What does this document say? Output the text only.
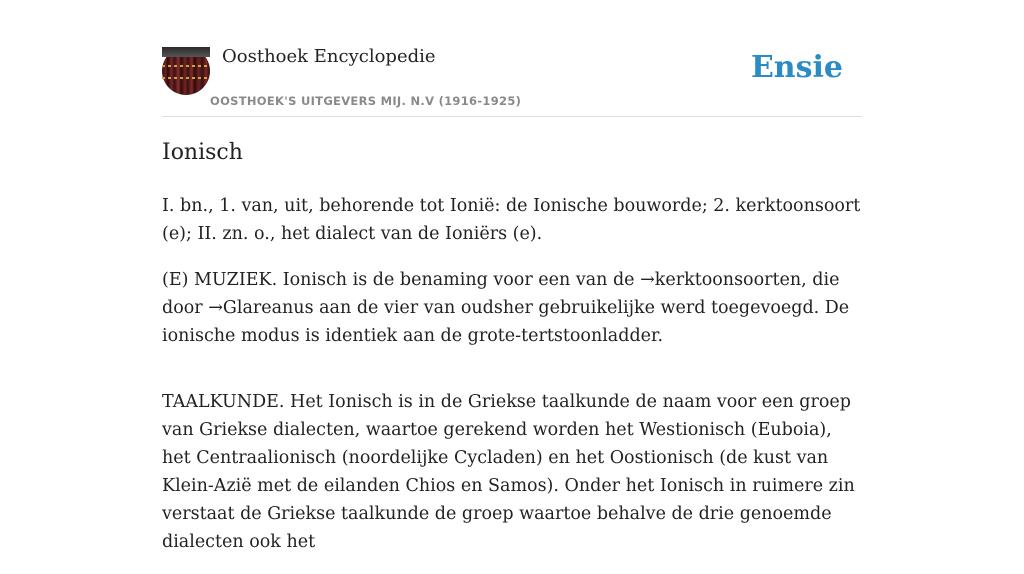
Oosthoek Encyclopedie
OOSTHOEK'S UITGEVERS MIJ. N.V (1916-1925)
Ensie
Ionisch

I. bn., 1. van, uit, behorende tot Ionië: de Ionische bouworde; 2. kerktoonsoort (e); II. zn. o., het dialect van de Ioniërs (e).

(E) MUZIEK. Ionisch is de benaming voor een van de →kerktoonsoorten, die door →Glareanus aan de vier van oudsher gebruikelijke werd toegevoegd. De ionische modus is identiek aan de grote-tertstoonladder.

TAALKUNDE. Het Ionisch is in de Griekse taalkunde de naam voor een groep van Griekse dialecten, waartoe gerekend worden het Westionisch (Euboia), het Centraalionisch (noordelijke Cycladen) en het Oostionisch (de kust van Klein-Azië met de eilanden Chios en Samos). Onder het Ionisch in ruimere zin verstaat de Griekse taalkunde de groep waartoe behalve de drie genoemde dialecten ook het
